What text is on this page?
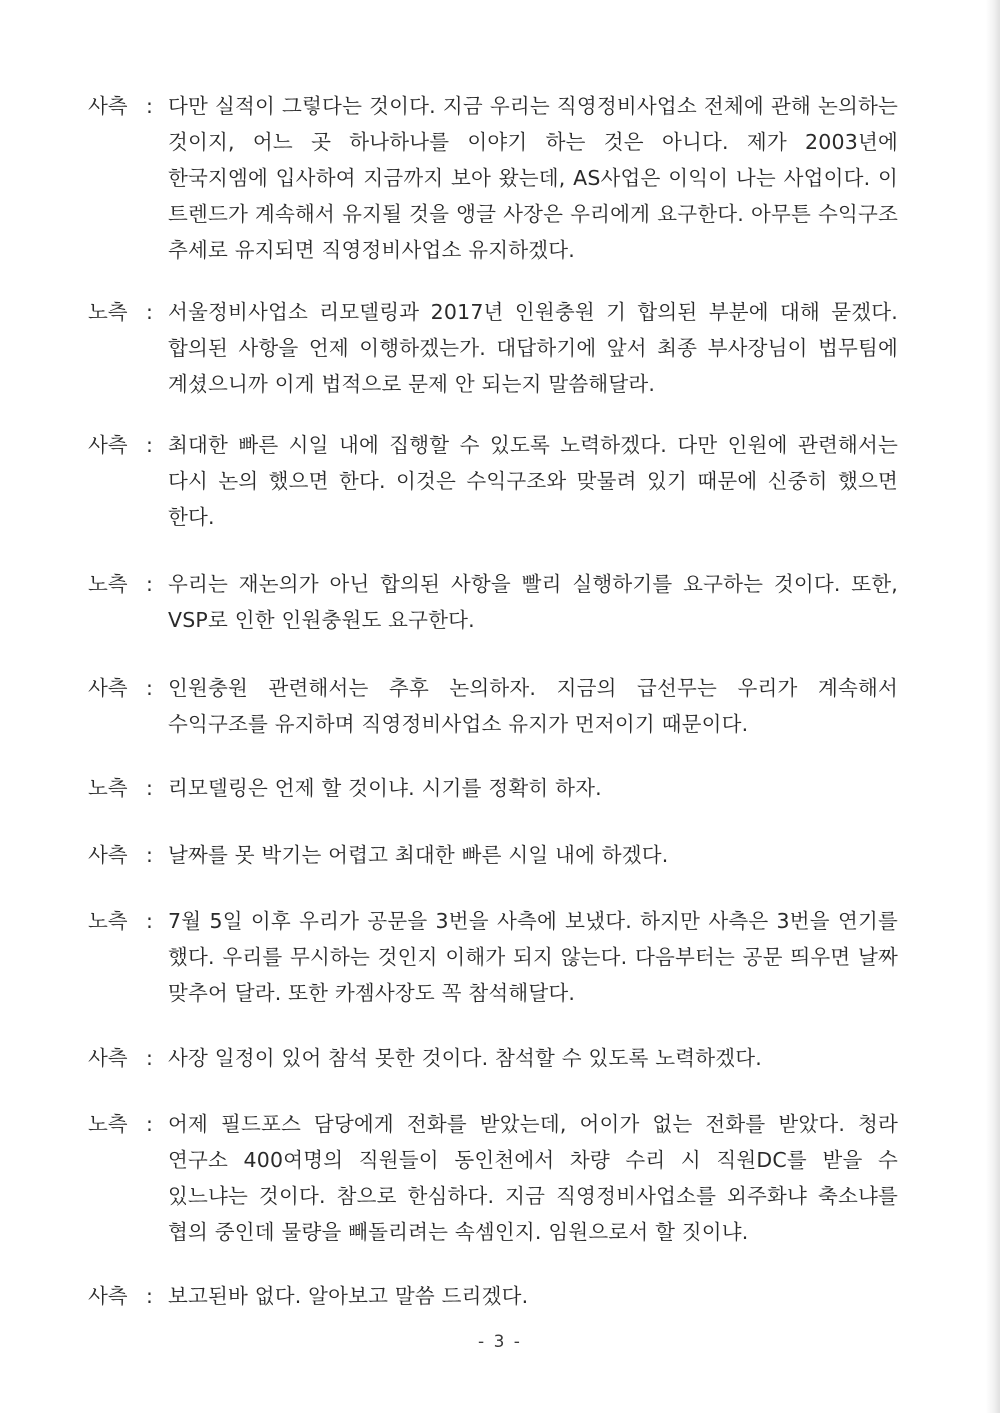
사측 : 다만 실적이 그렇다는 것이다. 지금 우리는 직영정비사업소 전체에 관해 논의하는 것이지, 어느 곳 하나하나를 이야기 하는 것은 아니다. 제가 2003년에 한국지엠에 입사하여 지금까지 보아 왔는데, AS사업은 이익이 나는 사업이다. 이 트렌드가 계속해서 유지될 것을 앵글 사장은 우리에게 요구한다. 아무튼 수익구조 추세로 유지되면 직영정비사업소 유지하겠다.
노측 : 서울정비사업소 리모델링과 2017년 인원충원 기 합의된 부분에 대해 묻겠다. 합의된 사항을 언제 이행하겠는가. 대답하기에 앞서 최종 부사장님이 법무팀에 계셨으니까 이게 법적으로 문제 안 되는지 말씀해달라.
사측 : 최대한 빠른 시일 내에 집행할 수 있도록 노력하겠다. 다만 인원에 관련해서는 다시 논의 했으면 한다. 이것은 수익구조와 맞물려 있기 때문에 신중히 했으면 한다.
노측 : 우리는 재논의가 아닌 합의된 사항을 빨리 실행하기를 요구하는 것이다. 또한, VSP로 인한 인원충원도 요구한다.
사측 : 인원충원 관련해서는 추후 논의하자. 지금의 급선무는 우리가 계속해서 수익구조를 유지하며 직영정비사업소 유지가 먼저이기 때문이다.
노측 : 리모델링은 언제 할 것이냐. 시기를 정확히 하자.
사측 : 날짜를 못 박기는 어렵고 최대한 빠른 시일 내에 하겠다.
노측 : 7월 5일 이후 우리가 공문을 3번을 사측에 보냈다. 하지만 사측은 3번을 연기를 했다. 우리를 무시하는 것인지 이해가 되지 않는다. 다음부터는 공문 띄우면 날짜 맞추어 달라. 또한 카젬사장도 꼭 참석해달다.
사측 : 사장 일정이 있어 참석 못한 것이다. 참석할 수 있도록 노력하겠다.
노측 : 어제 필드포스 담당에게 전화를 받았는데, 어이가 없는 전화를 받았다. 청라 연구소 400여명의 직원들이 동인천에서 차량 수리 시 직원DC를 받을 수 있느냐는 것이다. 참으로 한심하다. 지금 직영정비사업소를 외주화냐 축소냐를 협의 중인데 물량을 빼돌리려는 속셈인지. 임원으로서 할 짓이냐.
사측 : 보고된바 없다. 알아보고 말씀 드리겠다.
- 3 -
